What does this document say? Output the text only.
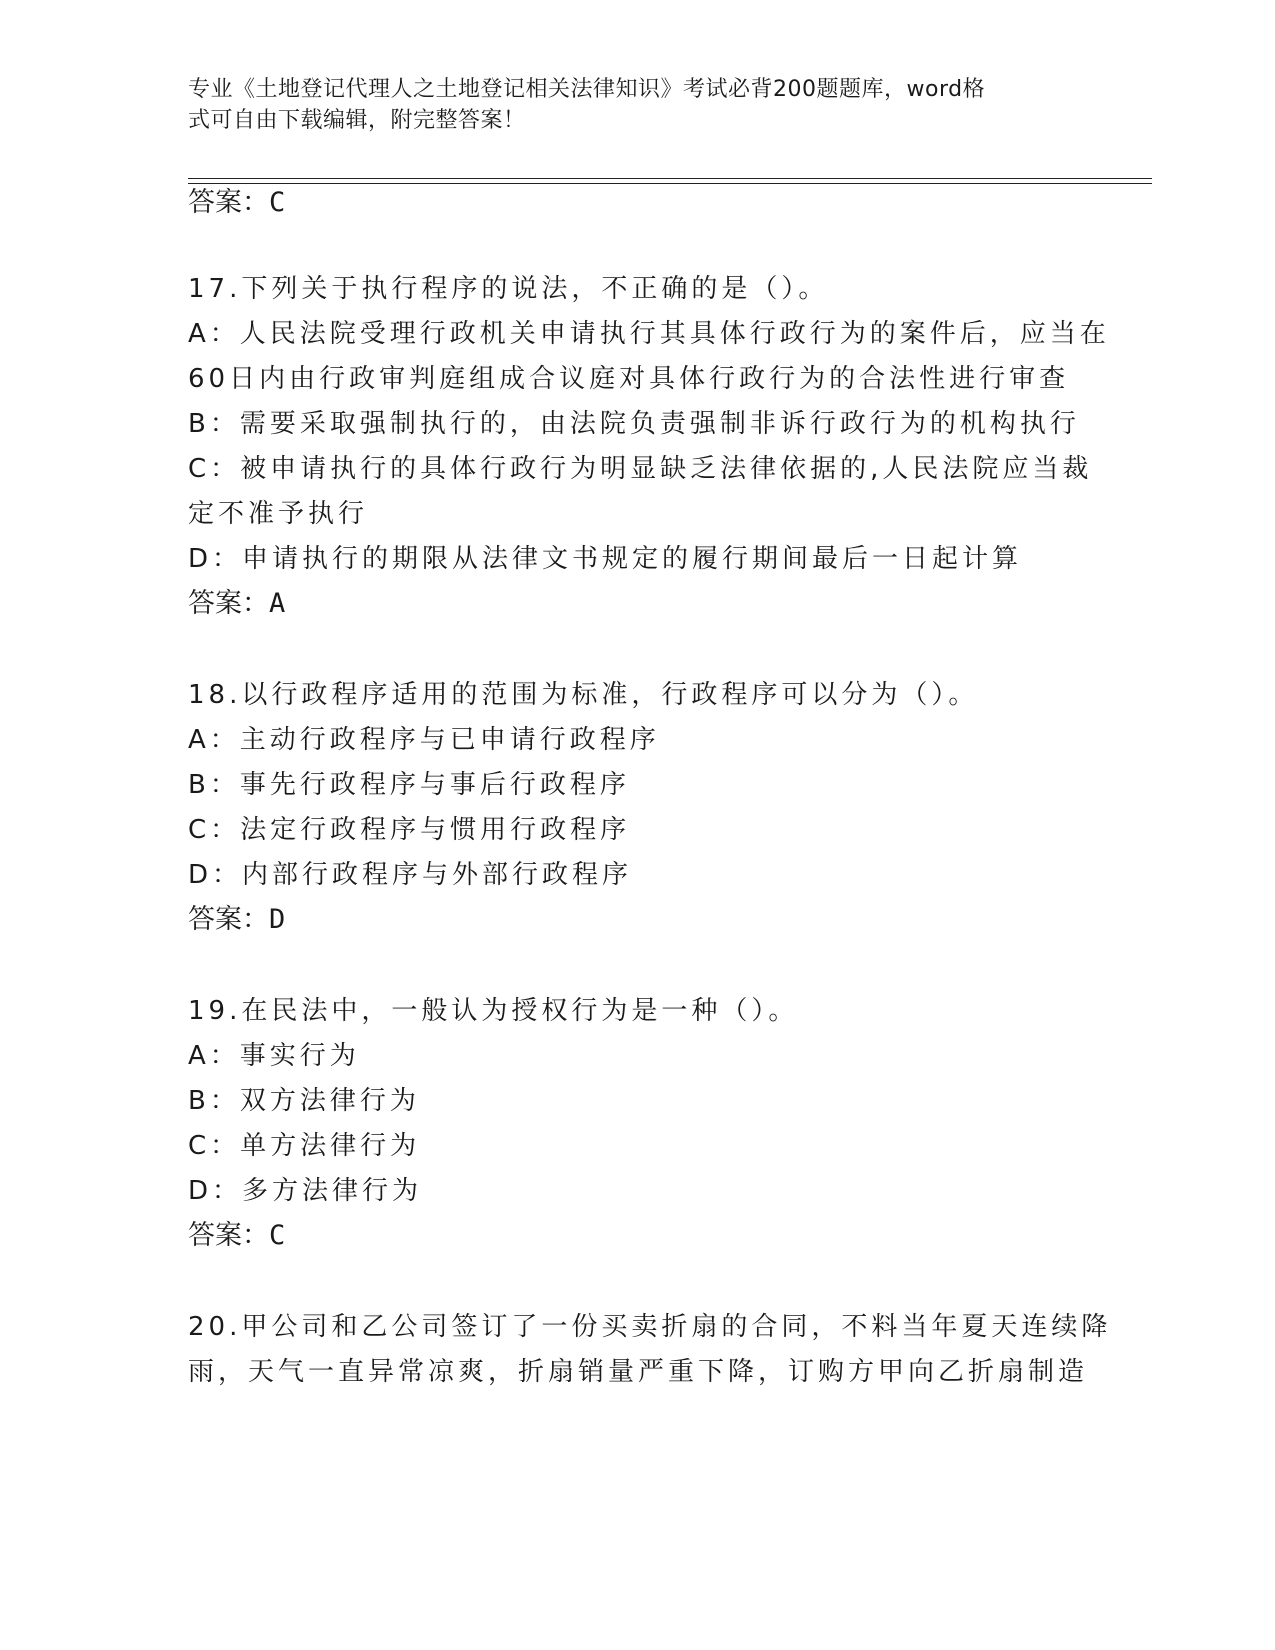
专业《土地登记代理人之土地登记相关法律知识》考试必背200题题库，word格
式可自由下载编辑，附完整答案！
答案：C
17.下列关于执行程序的说法，不正确的是（）。
A：人民法院受理行政机关申请执行其具体行政行为的案件后，应当在
60日内由行政审判庭组成合议庭对具体行政行为的合法性进行审查
B：需要采取强制执行的，由法院负责强制非诉行政行为的机构执行
C：被申请执行的具体行政行为明显缺乏法律依据的,人民法院应当裁
定不准予执行
D：申请执行的期限从法律文书规定的履行期间最后一日起计算
答案：A
18.以行政程序适用的范围为标准，行政程序可以分为（）。
A：主动行政程序与已申请行政程序
B：事先行政程序与事后行政程序
C：法定行政程序与惯用行政程序
D：内部行政程序与外部行政程序
答案：D
19.在民法中，一般认为授权行为是一种（）。
A：事实行为
B：双方法律行为
C：单方法律行为
D：多方法律行为
答案：C
20.甲公司和乙公司签订了一份买卖折扇的合同，不料当年夏天连续降
雨，天气一直异常凉爽，折扇销量严重下降，订购方甲向乙折扇制造
